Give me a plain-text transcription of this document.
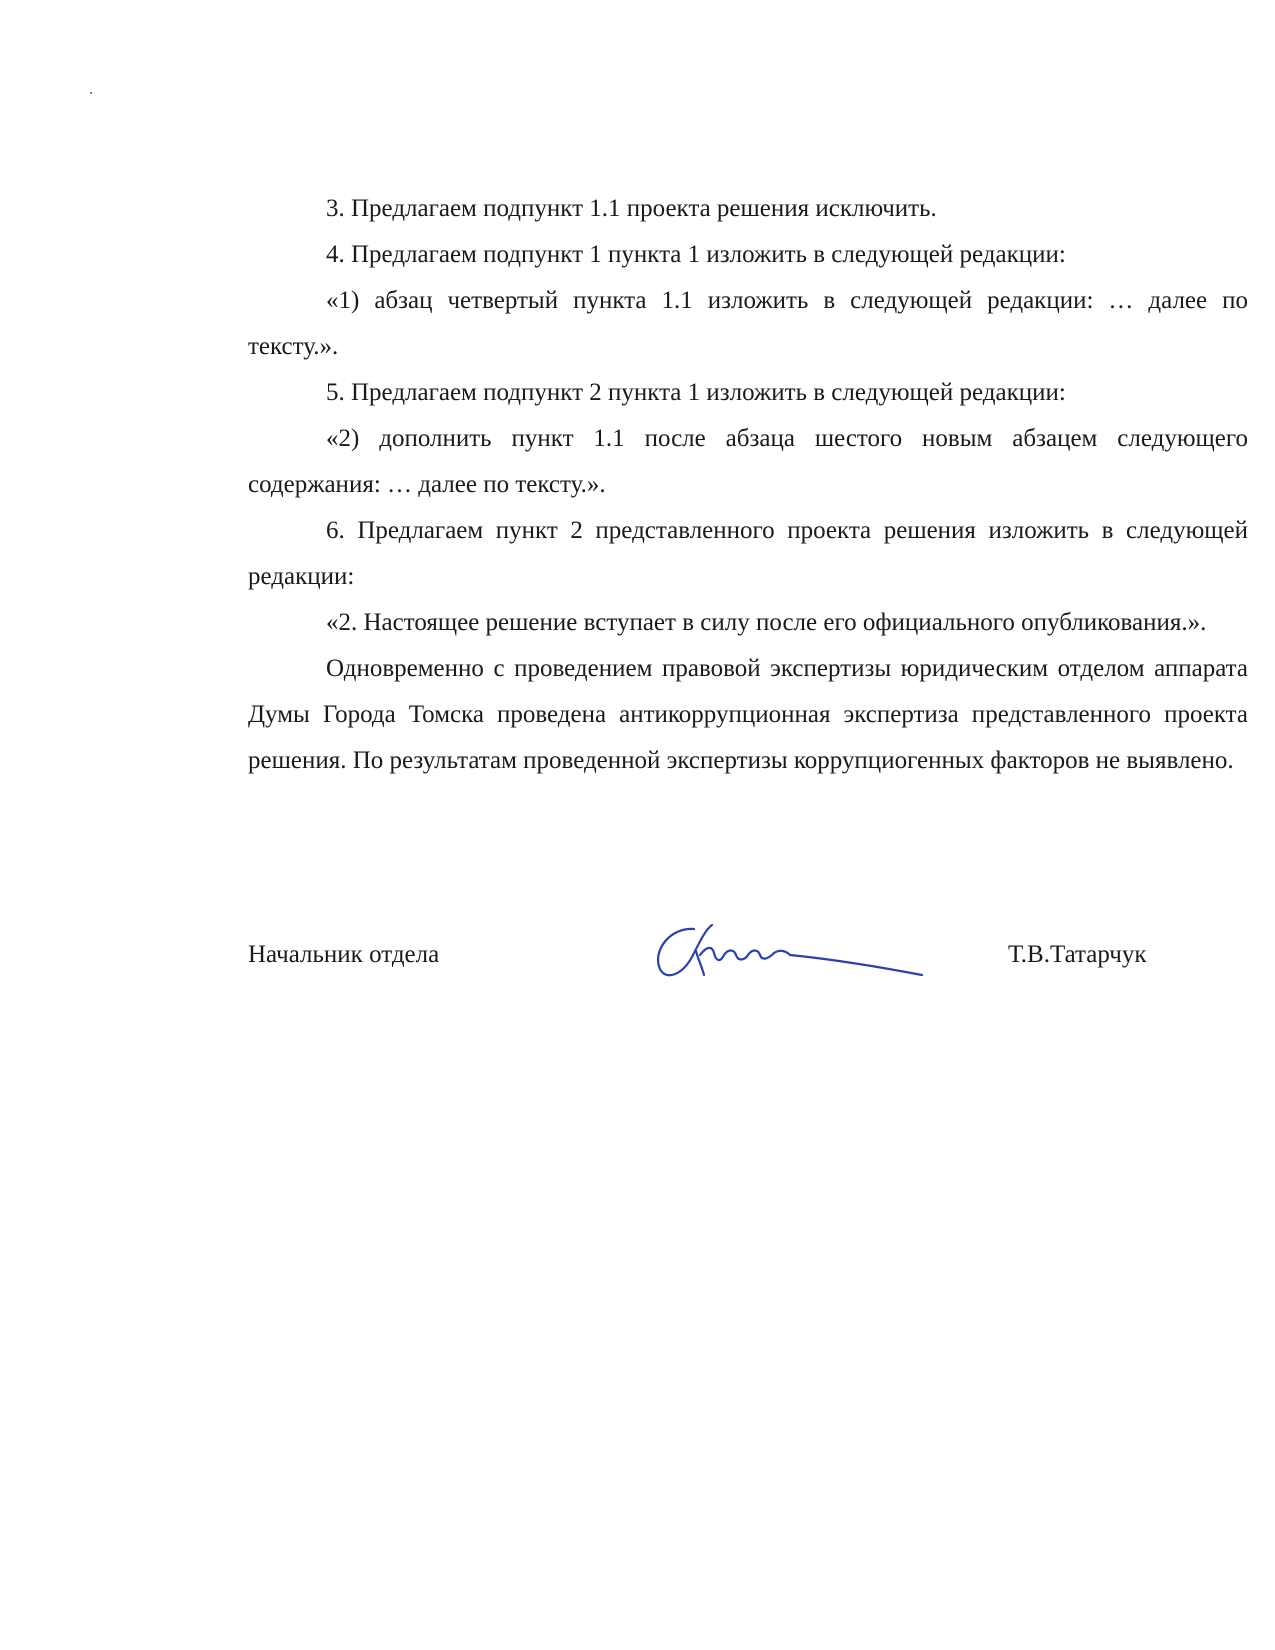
3. Предлагаем подпункт 1.1 проекта решения исключить.

4. Предлагаем подпункт 1 пункта 1 изложить в следующей редакции:

«1) абзац четвертый пункта 1.1 изложить в следующей редакции: … далее по тексту.».

5. Предлагаем подпункт 2 пункта 1 изложить в следующей редакции:

«2) дополнить пункт 1.1 после абзаца шестого новым абзацем следующего содержания: … далее по тексту.».

6. Предлагаем пункт 2 представленного проекта решения изложить в следующей редакции:

«2. Настоящее решение вступает в силу после его официального опубликования.».

Одновременно с проведением правовой экспертизы юридическим отделом аппарата Думы Города Томска проведена антикоррупционная экспертиза представленного проекта решения. По результатам проведенной экспертизы коррупциогенных факторов не выявлено.

Начальник отдела	Т.В.Татарчук
